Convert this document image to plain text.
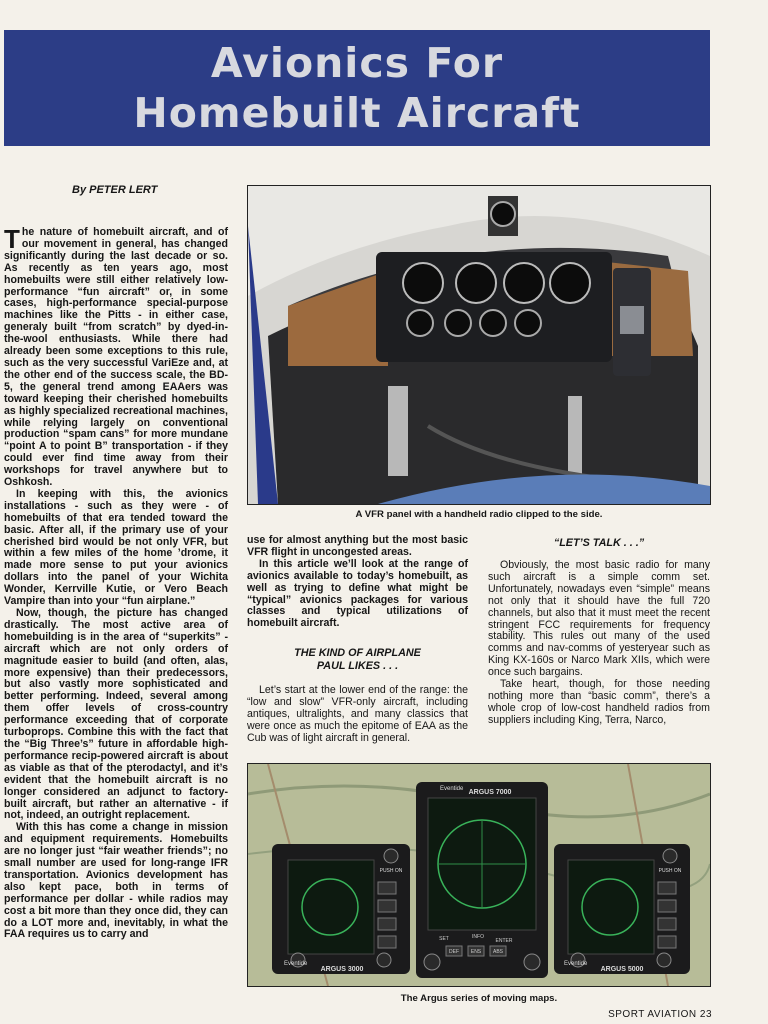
Avionics For
Homebuilt Aircraft
By PETER LERT

The nature of homebuilt aircraft, and of our movement in general, has changed significantly during the last decade or so. As recently as ten years ago, most homebuilts were still either relatively low-performance “fun aircraft” or, in some cases, high-performance special-purpose machines like the Pitts - in either case, generaly built “from scratch” by dyed-in-the-wool enthusiasts. While there had already been some exceptions to this rule, such as the very successful VariEze and, at the other end of the success scale, the BD-5, the general trend among EAAers was toward keeping their cherished homebuilts as highly specialized recreational machines, while relying largely on conventional production “spam cans” for more mundane “point A to point B” transportation - if they could ever find time away from their workshops for travel anywhere but to Oshkosh.

In keeping with this, the avionics installations - such as they were - of homebuilts of that era tended toward the basic. After all, if the primary use of your cherished bird would be not only VFR, but within a few miles of the home ’drome, it made more sense to put your avionics dollars into the panel of your Wichita Wonder, Kerrville Kutie, or Vero Beach Vampire than into your “fun airplane.”

Now, though, the picture has changed drastically. The most active area of homebuilding is in the area of “superkits” - aircraft which are not only orders of magnitude easier to build (and often, alas, more expensive) than their predecessors, but also vastly more sophisticated and better performing. Indeed, several among them offer levels of cross-country performance exceeding that of corporate turboprops. Combine this with the fact that the “Big Three’s” future in affordable high-performance recip-powered aircraft is about as viable as that of the pterodactyl, and it’s evident that the homebuilt aircraft is no longer considered an adjunct to factory-built aircraft, but rather an alternative - if not, indeed, an outright replacement.

With this has come a change in mission and equipment requirements. Homebuilts are no longer just “fair weather friends”; no small number are used for long-range IFR transportation. Avionics development has also kept pace, both in terms of performance per dollar - while radios may cost a bit more than they once did, they can do a LOT more and, inevitably, in what the FAA requires us to carry and

A VFR panel with a handheld radio clipped to the side.

use for almost anything but the most basic VFR flight in uncongested areas.

In this article we’ll look at the range of avionics available to today’s homebuilt, as well as trying to define what might be “typical” avionics packages for various classes and typical utilizations of homebuilt aircraft.

THE KIND OF AIRPLANE
PAUL LIKES . . .

Let’s start at the lower end of the range: the “low and slow” VFR-only aircraft, including antiques, ultralights, and many classics that were once as much the epitome of EAA as the Cub was of light aircraft in general.

“LET’S TALK . . .”

Obviously, the most basic radio for many such aircraft is a simple comm set. Unfortunately, nowadays even “simple” means not only that it should have the full 720 channels, but also that it must meet the recent stringent FCC requirements for frequency stability. This rules out many of the used comms and nav-comms of yesteryear such as King KX-160s or Narco Mark XIIs, which were once such bargains.

Take heart, though, for those needing nothing more than “basic comm”, there’s a whole crop of low-cost handheld radios from suppliers including King, Terra, Narco,

PUSH ON
Eventide
ARGUS 3000
Eventide ARGUS 7000
SET	INFO
ENTER
DEF ENS ABS
PUSH ON
Eventide
ARGUS 5000
The Argus series of moving maps.
SPORT AVIATION 23
